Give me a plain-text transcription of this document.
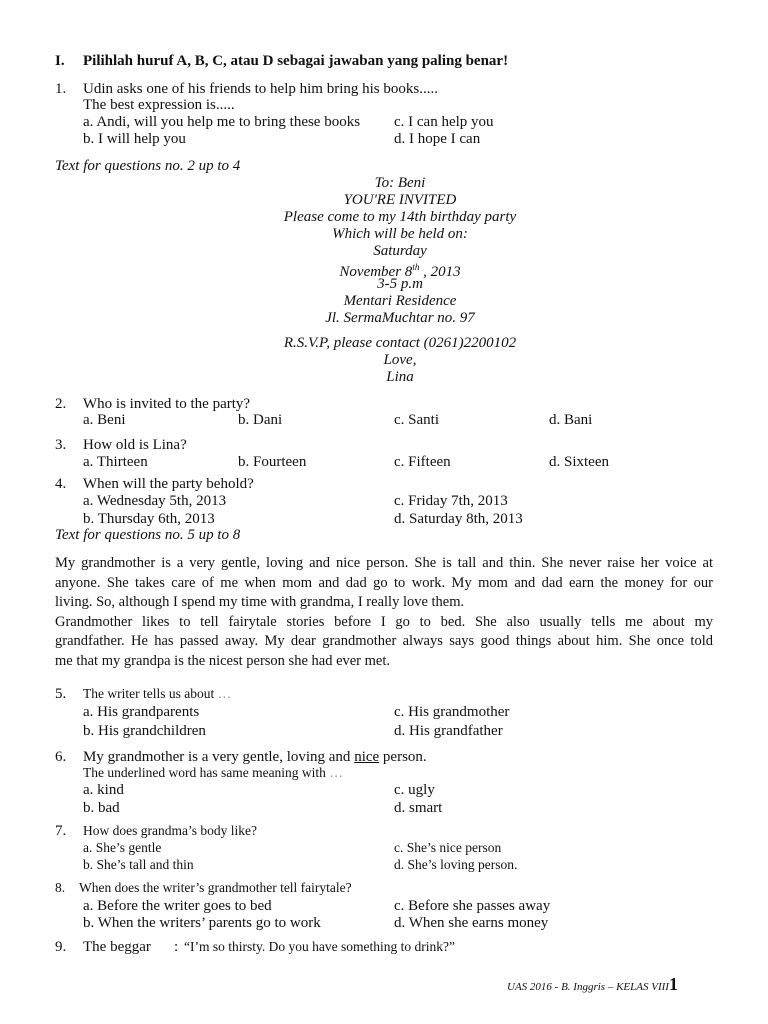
I. Pilihlah huruf A, B, C, atau D sebagai jawaban yang paling benar!
1. Udin asks one of his friends to help him bring his books.....
The best expression is.....
a. Andi, will you help me to bring these books c. I can help you
b. I will help you	d. I hope I can
Text for questions no. 2 up to 4
To: Beni
YOU'RE INVITED
Please come to my 14th birthday party
Which will be held on:
Saturday
November 8th , 2013
3-5 p.m
Mentari Residence
Jl. SermaMuchtar no. 97
R.S.V.P, please contact (0261)2200102
Love,
Lina
2. Who is invited to the party?
a. Beni	b. Dani	c. Santi	d. Bani
3. How old is Lina?
a. Thirteen	b. Fourteen	c. Fifteen	d. Sixteen
4. When will the party behold?
a. Wednesday 5th, 2013	c. Friday 7th, 2013
b. Thursday 6th, 2013	d. Saturday 8th, 2013
Text for questions no. 5 up to 8
My grandmother is a very gentle, loving and nice person. She is tall and thin. She never raise her voice at
anyone. She takes care of me when mom and dad go to work. My mom and dad earn the money for our
living. So, although I spend my time with grandma, I really love them.
Grandmother likes to tell fairytale stories before I go to bed. She also usually tells me about my
grandfather. He has passed away. My dear grandmother always says good things about him. She once told
me that my grandpa is the nicest person she had ever met.
5. The writer tells us about …
a. His grandparents	c. His grandmother
b. His grandchildren	d. His grandfather
6. My grandmother is a very gentle, loving and nice person.
The underlined word has same meaning with …
a. kind	c. ugly
b. bad	d. smart
7. How does grandma’s body like?
a. She’s gentle	c. She’s nice person
b. She’s tall and thin	d. She’s loving person.
8. When does the writer’s grandmother tell fairytale?
a. Before the writer goes to bed	c. Before she passes away
b. When the writers’ parents go to work	d. When she earns money
9. The beggar : “I’m so thirsty. Do you have something to drink?”
UAS 2016 - B. Inggris – KELAS VIII1
